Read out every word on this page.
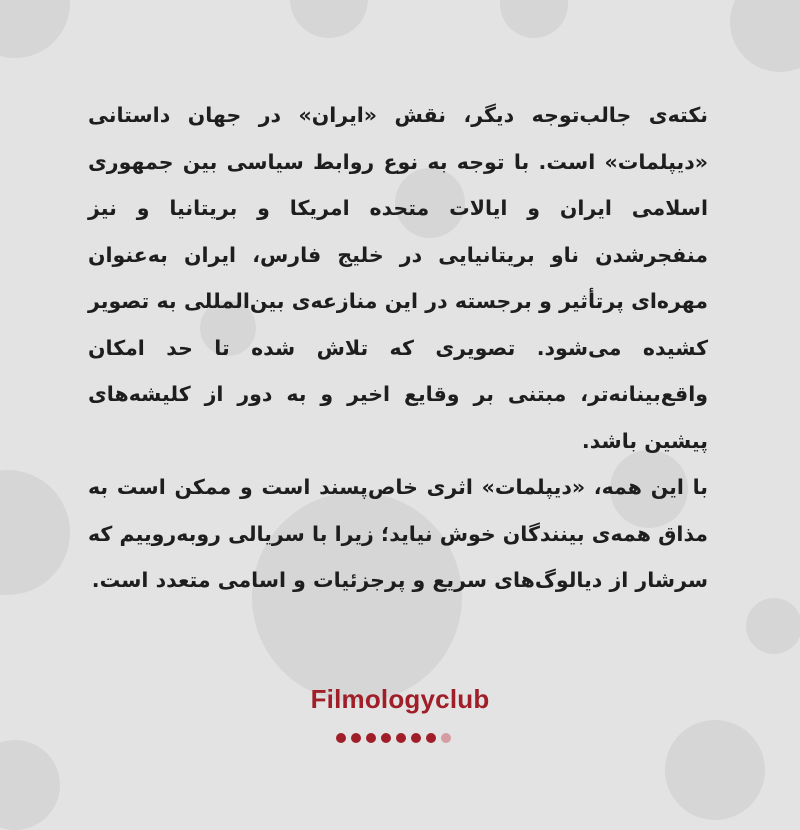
نکته‌ی جالب‌توجه دیگر، نقش «ایران» در جهان داستانی «دیپلمات» است. با توجه به نوع روابط سیاسی بین جمهوری اسلامی ایران و ایالات متحده امریکا و بریتانیا و نیز منفجرشدن ناو بریتانیایی در خلیج فارس، ایران به‌عنوان مهره‌ای پرتأثیر و برجسته در این منازعه‌ی بین‌المللی به تصویر کشیده می‌شود. تصویری که تلاش شده تا حد امکان واقع‌بینانه‌تر، مبتنی بر وقایع اخیر و به دور از کلیشه‌های پیشین باشد.

با این همه، «دیپلمات» اثری خاص‌پسند است و ممکن است به مذاق همه‌ی بینندگان خوش نیاید؛ زیرا با سریالی روبه‌روییم که سرشار از دیالوگ‌های سریع و پرجزئیات و اسامی متعدد است.

Filmologyclub
